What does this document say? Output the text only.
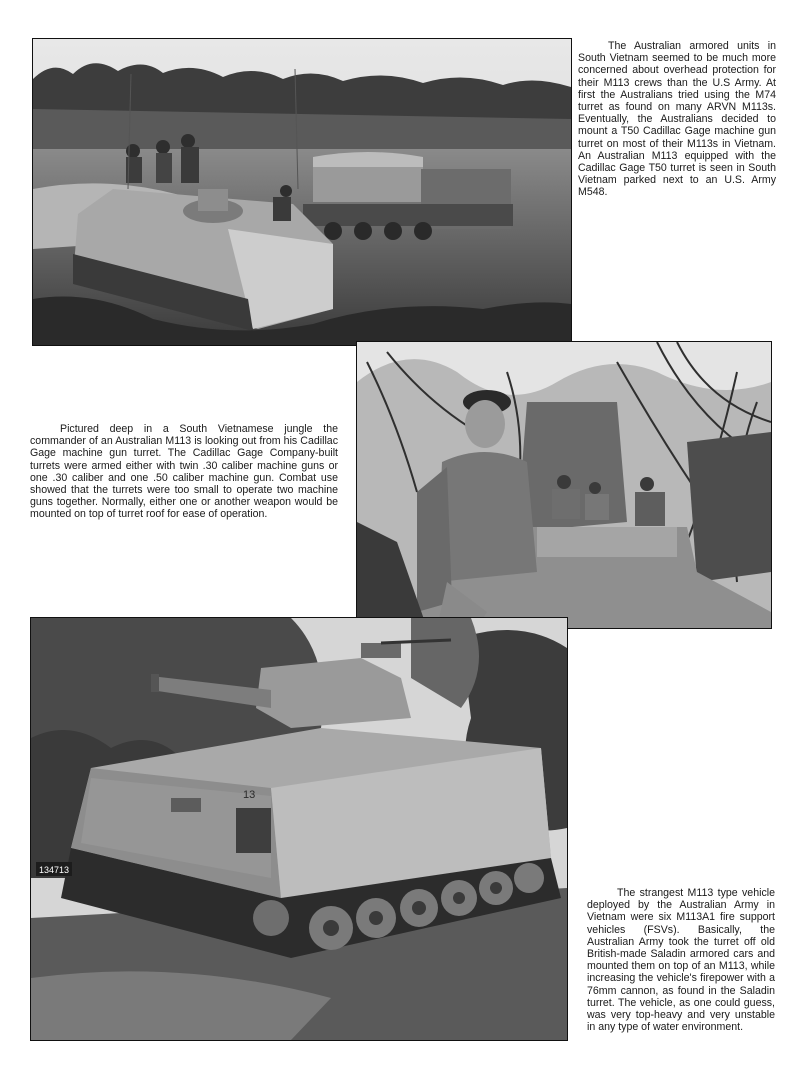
The Australian armored units in South Vietnam seemed to be much more concerned about overhead protection for their M113 crews than the U.S Army. At first the Australians tried using the M74 turret as found on many ARVN M113s. Eventually, the Australians decided to mount a T50 Cadillac Gage machine gun turret on most of their M113s in Vietnam. An Australian M113 equipped with the Cadillac Gage T50 turret is seen in South Vietnam parked next to an U.S. Army M548.

Pictured deep in a South Vietnamese jungle the commander of an Australian M113 is looking out from his Cadillac Gage machine gun turret. The Cadillac Gage Company-built turrets were armed either with twin .30 caliber machine guns or one .30 caliber and one .50 caliber machine gun. Combat use showed that the turrets were too small to operate two machine guns together. Normally, either one or another weapon would be mounted on top of turret roof for ease of operation.

134713
13

The strangest M113 type vehicle deployed by the Australian Army in Vietnam were six M113A1 fire support vehicles (FSVs). Basically, the Australian Army took the turret off old British-made Saladin armored cars and mounted them on top of an M113, while increasing the vehicle's firepower with a 76mm cannon, as found in the Saladin turret. The vehicle, as one could guess, was very top-heavy and very unstable in any type of water environment.
